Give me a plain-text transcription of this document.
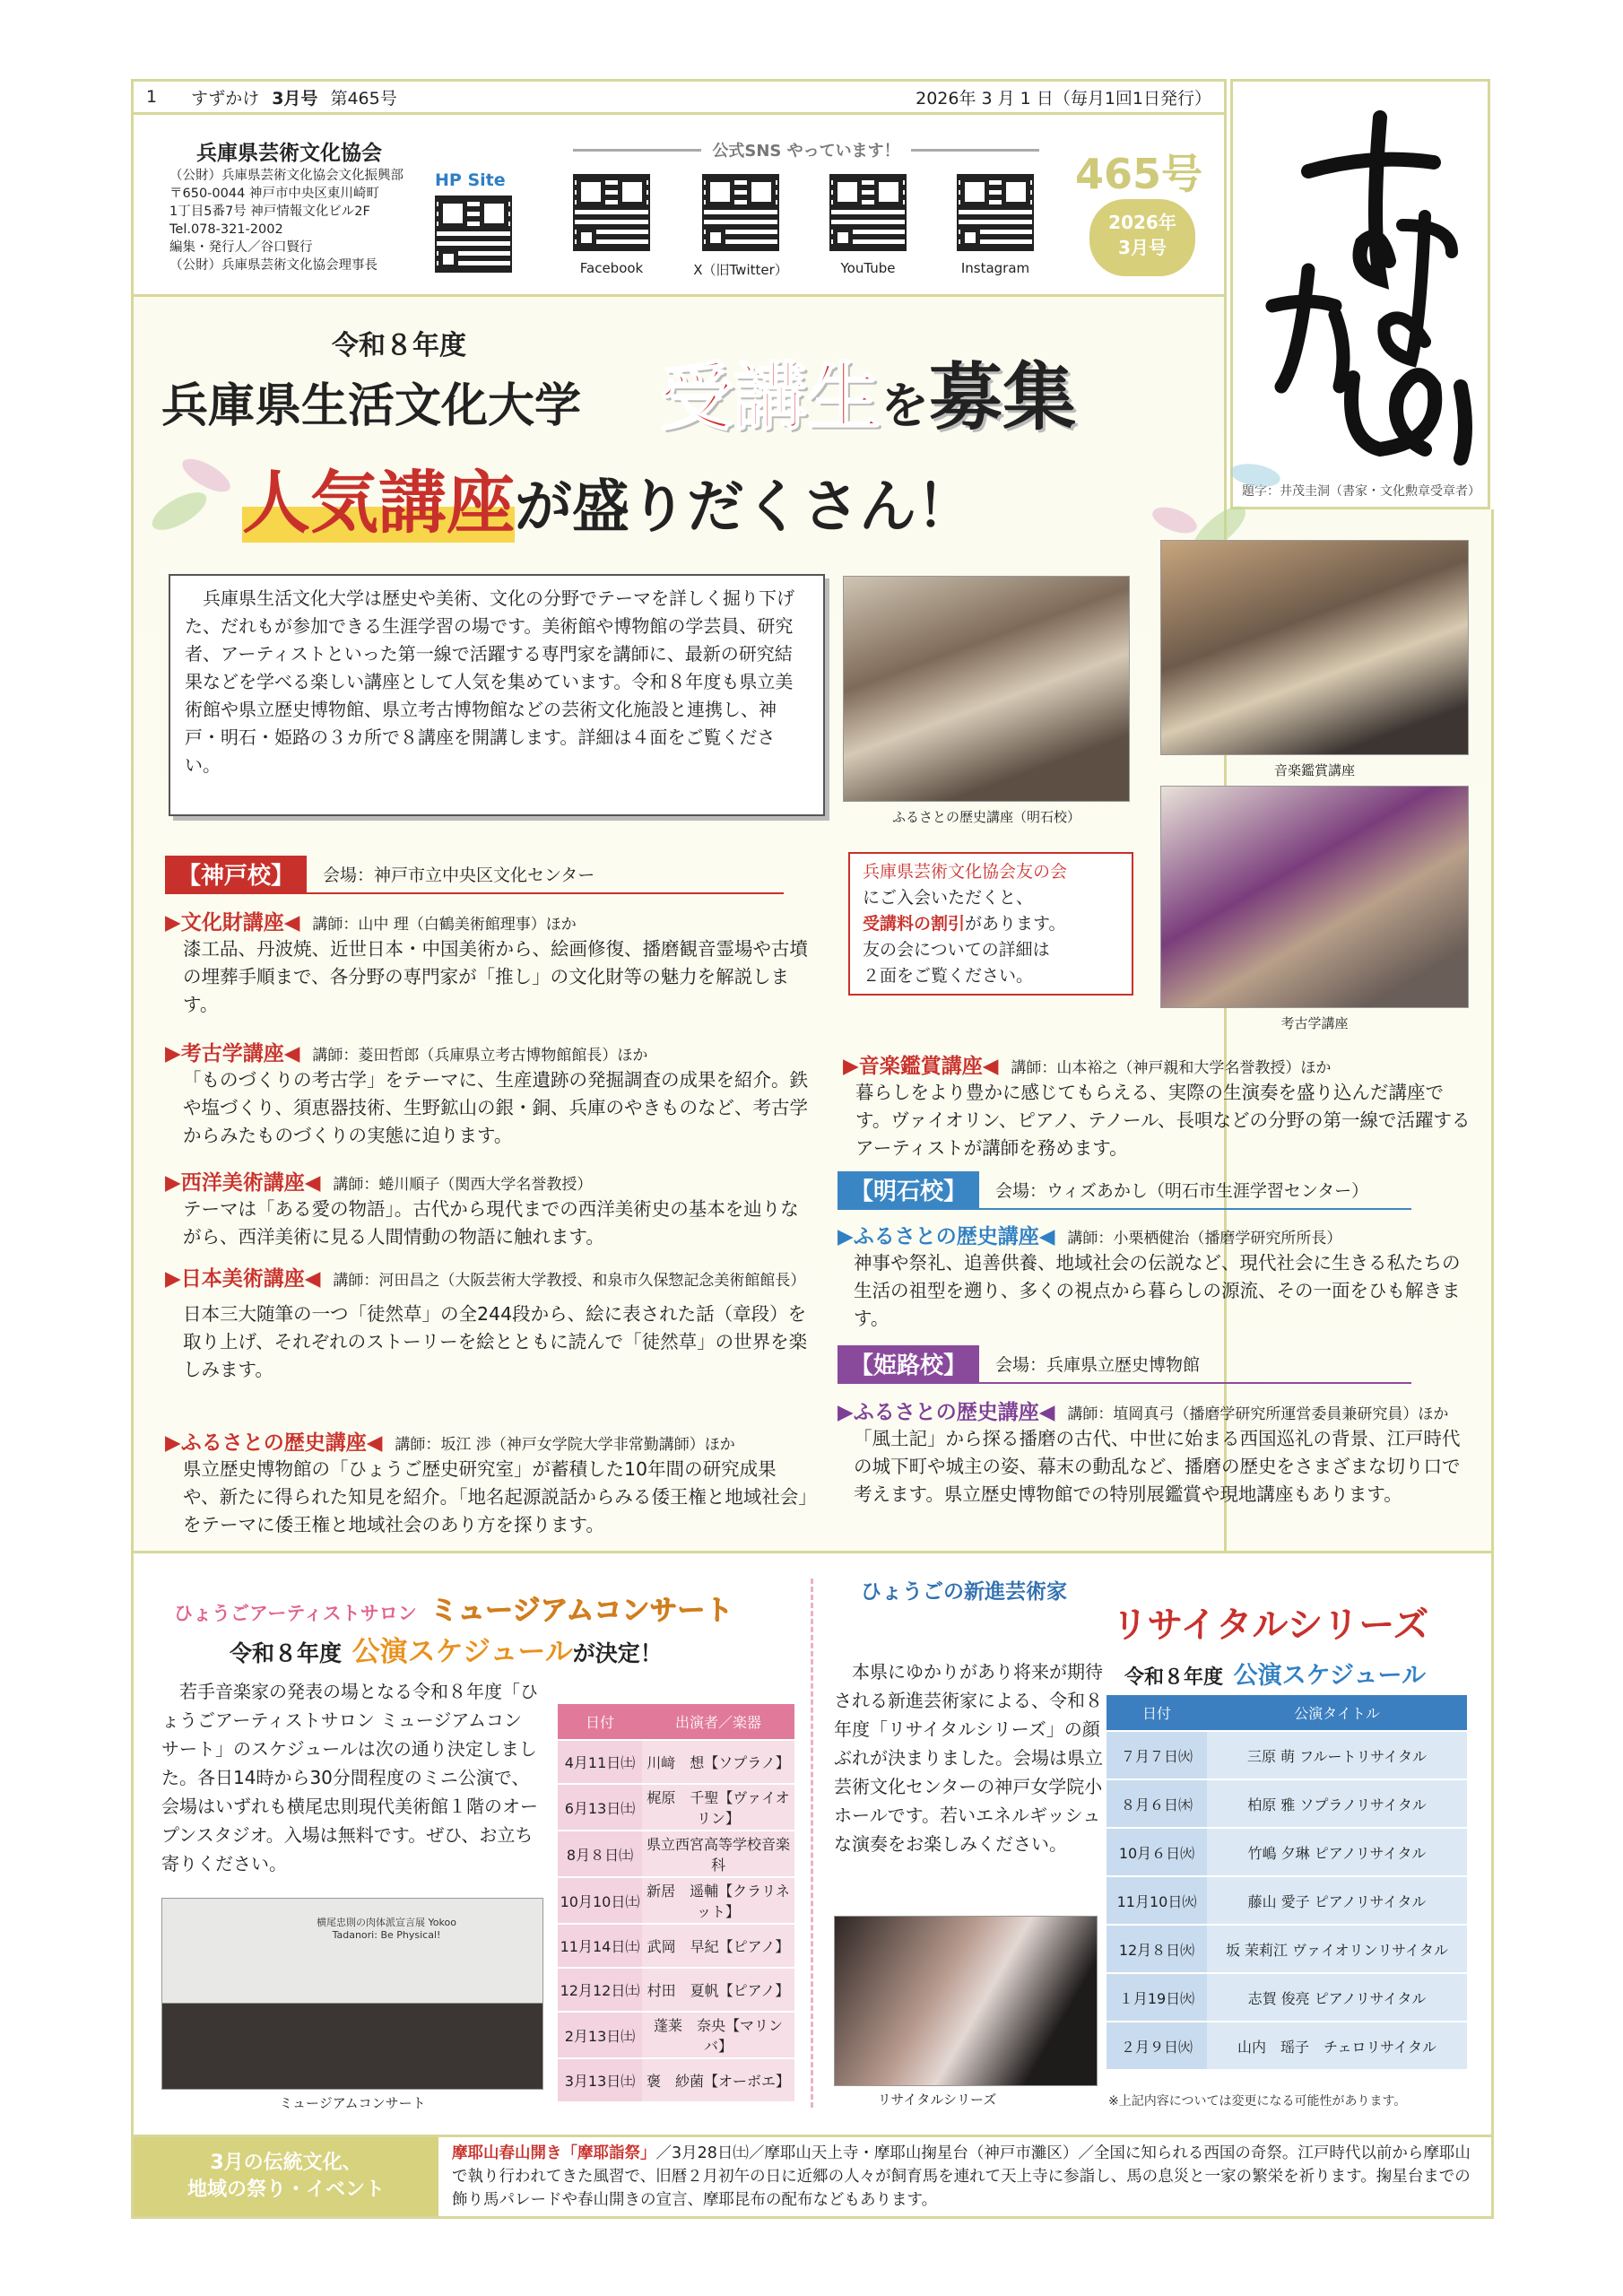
1	すずかけ 3月号 第465号	2026年 3 月 1 日（毎月1回1日発行）
題字：井茂圭洞（書家・文化勲章受章者）
兵庫県芸術文化協会
（公財）兵庫県芸術文化協会文化振興部
〒650-0044 神戸市中央区東川崎町
1丁目5番7号 神戸情報文化ビル2F
Tel.078-321-2002
編集・発行人／谷口賢行
（公財）兵庫県芸術文化協会理事長
HP Site
公式SNS やっています！
Facebook	X（旧Twitter）	YouTube	Instagram
465号
2026年
3月号
令和８年度
兵庫県生活文化大学 受講生を募集
人気講座が盛りだくさん！
兵庫県生活文化大学は歴史や美術、文化の分野でテーマを詳しく掘り下げた、だれもが参加できる生涯学習の場です。美術館や博物館の学芸員、研究者、アーティストといった第一線で活躍する専門家を講師に、最新の研究結果などを学べる楽しい講座として人気を集めています。令和８年度も県立美術館や県立歴史博物館、県立考古博物館などの芸術文化施設と連携し、神戸・明石・姫路の３カ所で８講座を開講します。詳細は４面をご覧ください。
ふるさとの歴史講座（明石校）
音楽鑑賞講座
考古学講座
兵庫県芸術文化協会友の会
にご入会いただくと、
受講料の割引があります。
友の会についての詳細は
２面をご覧ください。
【神戸校】	会場：神戸市立中央区文化センター
▶文化財講座◀ 講師：山中 理（白鶴美術館理事）ほか
漆工品、丹波焼、近世日本・中国美術から、絵画修復、播磨観音霊場や古墳の埋葬手順まで、各分野の専門家が「推し」の文化財等の魅力を解説します。
▶考古学講座◀ 講師：菱田哲郎（兵庫県立考古博物館館長）ほか
「ものづくりの考古学」をテーマに、生産遺跡の発掘調査の成果を紹介。鉄や塩づくり、須恵器技術、生野鉱山の銀・銅、兵庫のやきものなど、考古学からみたものづくりの実態に迫ります。
▶西洋美術講座◀ 講師：蜷川順子（関西大学名誉教授）
テーマは「ある愛の物語」。古代から現代までの西洋美術史の基本を辿りながら、西洋美術に見る人間情動の物語に触れます。
▶日本美術講座◀ 講師：河田昌之（大阪芸術大学教授、和泉市久保惣記念美術館館長）
日本三大随筆の一つ「徒然草」の全244段から、絵に表された話（章段）を取り上げ、それぞれのストーリーを絵とともに読んで「徒然草」の世界を楽しみます。
▶ふるさとの歴史講座◀ 講師：坂江 渉（神戸女学院大学非常勤講師）ほか
県立歴史博物館の「ひょうご歴史研究室」が蓄積した10年間の研究成果や、新たに得られた知見を紹介。「地名起源説話からみる倭王権と地域社会」をテーマに倭王権と地域社会のあり方を探ります。
▶音楽鑑賞講座◀ 講師：山本裕之（神戸親和大学名誉教授）ほか
暮らしをより豊かに感じてもらえる、実際の生演奏を盛り込んだ講座です。ヴァイオリン、ピアノ、テノール、長唄などの分野の第一線で活躍するアーティストが講師を務めます。
【明石校】	会場：ウィズあかし（明石市生涯学習センター）
▶ふるさとの歴史講座◀ 講師：小栗栖健治（播磨学研究所所長）
神事や祭礼、追善供養、地域社会の伝説など、現代社会に生きる私たちの生活の祖型を遡り、多くの視点から暮らしの源流、その一面をひも解きます。
【姫路校】	会場：兵庫県立歴史博物館
▶ふるさとの歴史講座◀ 講師：埴岡真弓（播磨学研究所運営委員兼研究員）ほか
「風土記」から探る播磨の古代、中世に始まる西国巡礼の背景、江戸時代の城下町や城主の姿、幕末の動乱など、播磨の歴史をさまざまな切り口で考えます。県立歴史博物館での特別展鑑賞や現地講座もあります。
ひょうごアーティストサロン ミュージアムコンサート
令和８年度 公演スケジュールが決定！
若手音楽家の発表の場となる令和８年度「ひょうごアーティストサロン ミュージアムコンサート」のスケジュールは次の通り決定しました。各日14時から30分間程度のミニ公演で、会場はいずれも横尾忠則現代美術館１階のオープンスタジオ。入場は無料です。ぜひ、お立ち寄りください。
横尾忠則の肉体派宣言展 Yokoo Tadanori: Be Physical!
ミュージアムコンサート
日付	出演者／楽器
4月11日㈯	川﨑　想【ソプラノ】
6月13日㈯	梶原　千聖【ヴァイオリン】
8月８日㈯	県立西宮高等学校音楽科
10月10日㈯	新居　遥輔【クラリネット】
11月14日㈯	武岡　早紀【ピアノ】
12月12日㈯	村田　夏帆【ピアノ】
2月13日㈯	蓬莱　奈央【マリンバ】
3月13日㈯	褒　紗菌【オーボエ】
ひょうごの新進芸術家
リサイタルシリーズ
令和８年度 公演スケジュール
本県にゆかりがあり将来が期待される新進芸術家による、令和８年度「リサイタルシリーズ」の顔ぶれが決まりました。会場は県立芸術文化センターの神戸女学院小ホールです。若いエネルギッシュな演奏をお楽しみください。
リサイタルシリーズ
日付	公演タイトル
７月７日㈫	三原 萌 フルートリサイタル
８月６日㈭	柏原 雅 ソプラノリサイタル
10月６日㈫	竹嶋 夕琳 ピアノリサイタル
11月10日㈫	藤山 愛子 ピアノリサイタル
12月８日㈫	坂 茉莉江 ヴァイオリンリサイタル
１月19日㈫	志賀 俊亮 ピアノリサイタル
２月９日㈫	山内　瑶子　チェロリサイタル
※上記内容については変更になる可能性があります。
3月の伝統文化、
地域の祭り・イベント
摩耶山春山開き「摩耶詣祭」／3月28日㈯／摩耶山天上寺・摩耶山掬星台（神戸市灘区）／全国に知られる西国の奇祭。江戸時代以前から摩耶山で執り行われてきた風習で、旧暦２月初午の日に近郷の人々が飼育馬を連れて天上寺に参詣し、馬の息災と一家の繁栄を祈ります。掬星台までの飾り馬パレードや春山開きの宣言、摩耶昆布の配布などもあります。
